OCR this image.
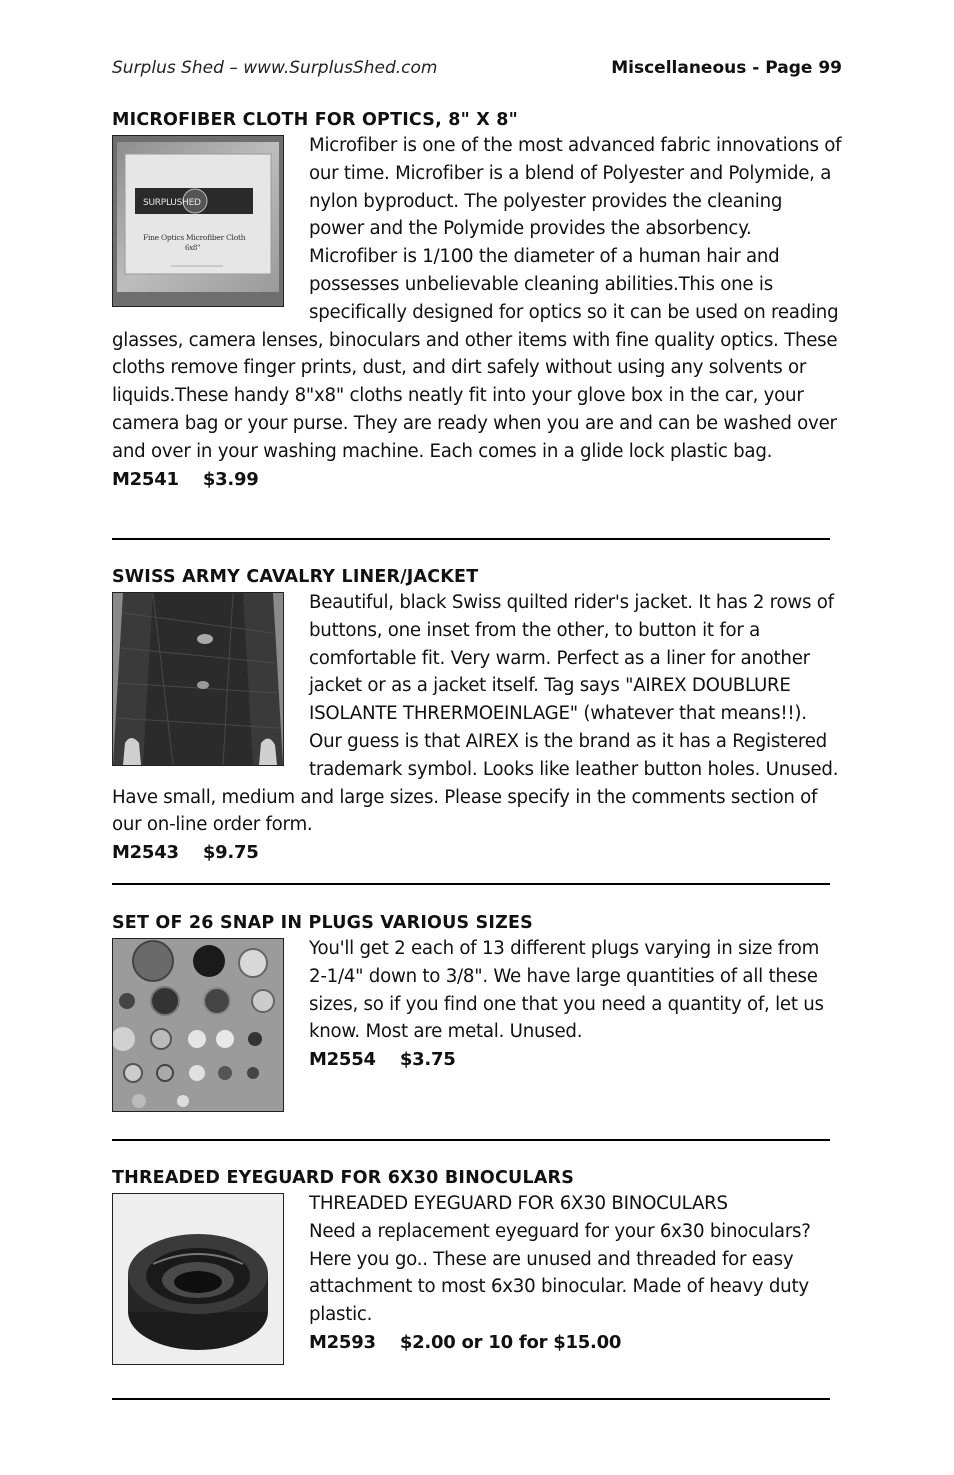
Surplus Shed – www.SurplusShed.com	Miscellaneous - Page 99
MICROFIBER CLOTH FOR OPTICS, 8" X 8"
SURPLUSHED
Fine Optics Microfiber Cloth
6x8"
Microfiber is one of the most advanced fabric innovations of our time. Microfiber is a blend of Polyester and Polymide, a nylon byproduct. The polyester provides the cleaning power and the Polymide provides the absorbency. Microfiber is 1/100 the diameter of a human hair and possesses unbelievable cleaning abilities.This one is specifically designed for optics so it can be used on reading glasses, camera lenses, binoculars and other items with fine quality optics. These cloths remove finger prints, dust, and dirt safely without using any solvents or liquids.These handy 8"x8" cloths neatly fit into your glove box in the car, your camera bag or your purse. They are ready when you are and can be washed over and over in your washing machine. Each comes in a glide lock plastic bag.
M2541 $3.99
SWISS ARMY CAVALRY LINER/JACKET
Beautiful, black Swiss quilted rider's jacket. It has 2 rows of buttons, one inset from the other, to button it for a comfortable fit. Very warm. Perfect as a liner for another jacket or as a jacket itself. Tag says "AIREX DOUBLURE ISOLANTE THRERMOEINLAGE" (whatever that means!!). Our guess is that AIREX is the brand as it has a Registered trademark symbol. Looks like leather button holes. Unused. Have small, medium and large sizes. Please specify in the comments section of our on-line order form.
M2543 $9.75
SET OF 26 SNAP IN PLUGS VARIOUS SIZES
You'll get 2 each of 13 different plugs varying in size from 2-1/4" down to 3/8". We have large quantities of all these sizes, so if you find one that you need a quantity of, let us know. Most are metal. Unused.
M2554 $3.75
THREADED EYEGUARD FOR 6X30 BINOCULARS
THREADED EYEGUARD FOR 6X30 BINOCULARS
Need a replacement eyeguard for your 6x30 binoculars? Here you go.. These are unused and threaded for easy attachment to most 6x30 binocular. Made of heavy duty plastic.
M2593 $2.00 or 10 for $15.00
